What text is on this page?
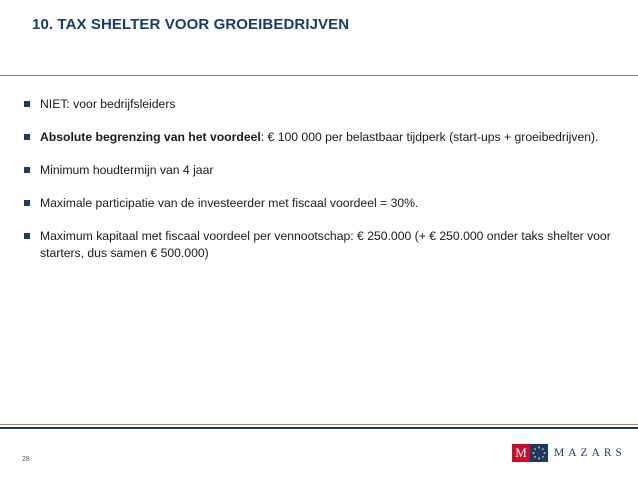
10. TAX SHELTER VOOR GROEIBEDRIJVEN
NIET: voor bedrijfsleiders
Absolute begrenzing van het voordeel: € 100 000 per belastbaar tijdperk (start-ups + groeibedrijven).
Minimum houdtermijn van 4 jaar
Maximale participatie van de investeerder met fiscaal voordeel = 30%.
Maximum kapitaal met fiscaal voordeel per vennootschap: € 250.000 (+ € 250.000 onder taks shelter voor starters, dus samen € 500.000)
28	M MAZARS
